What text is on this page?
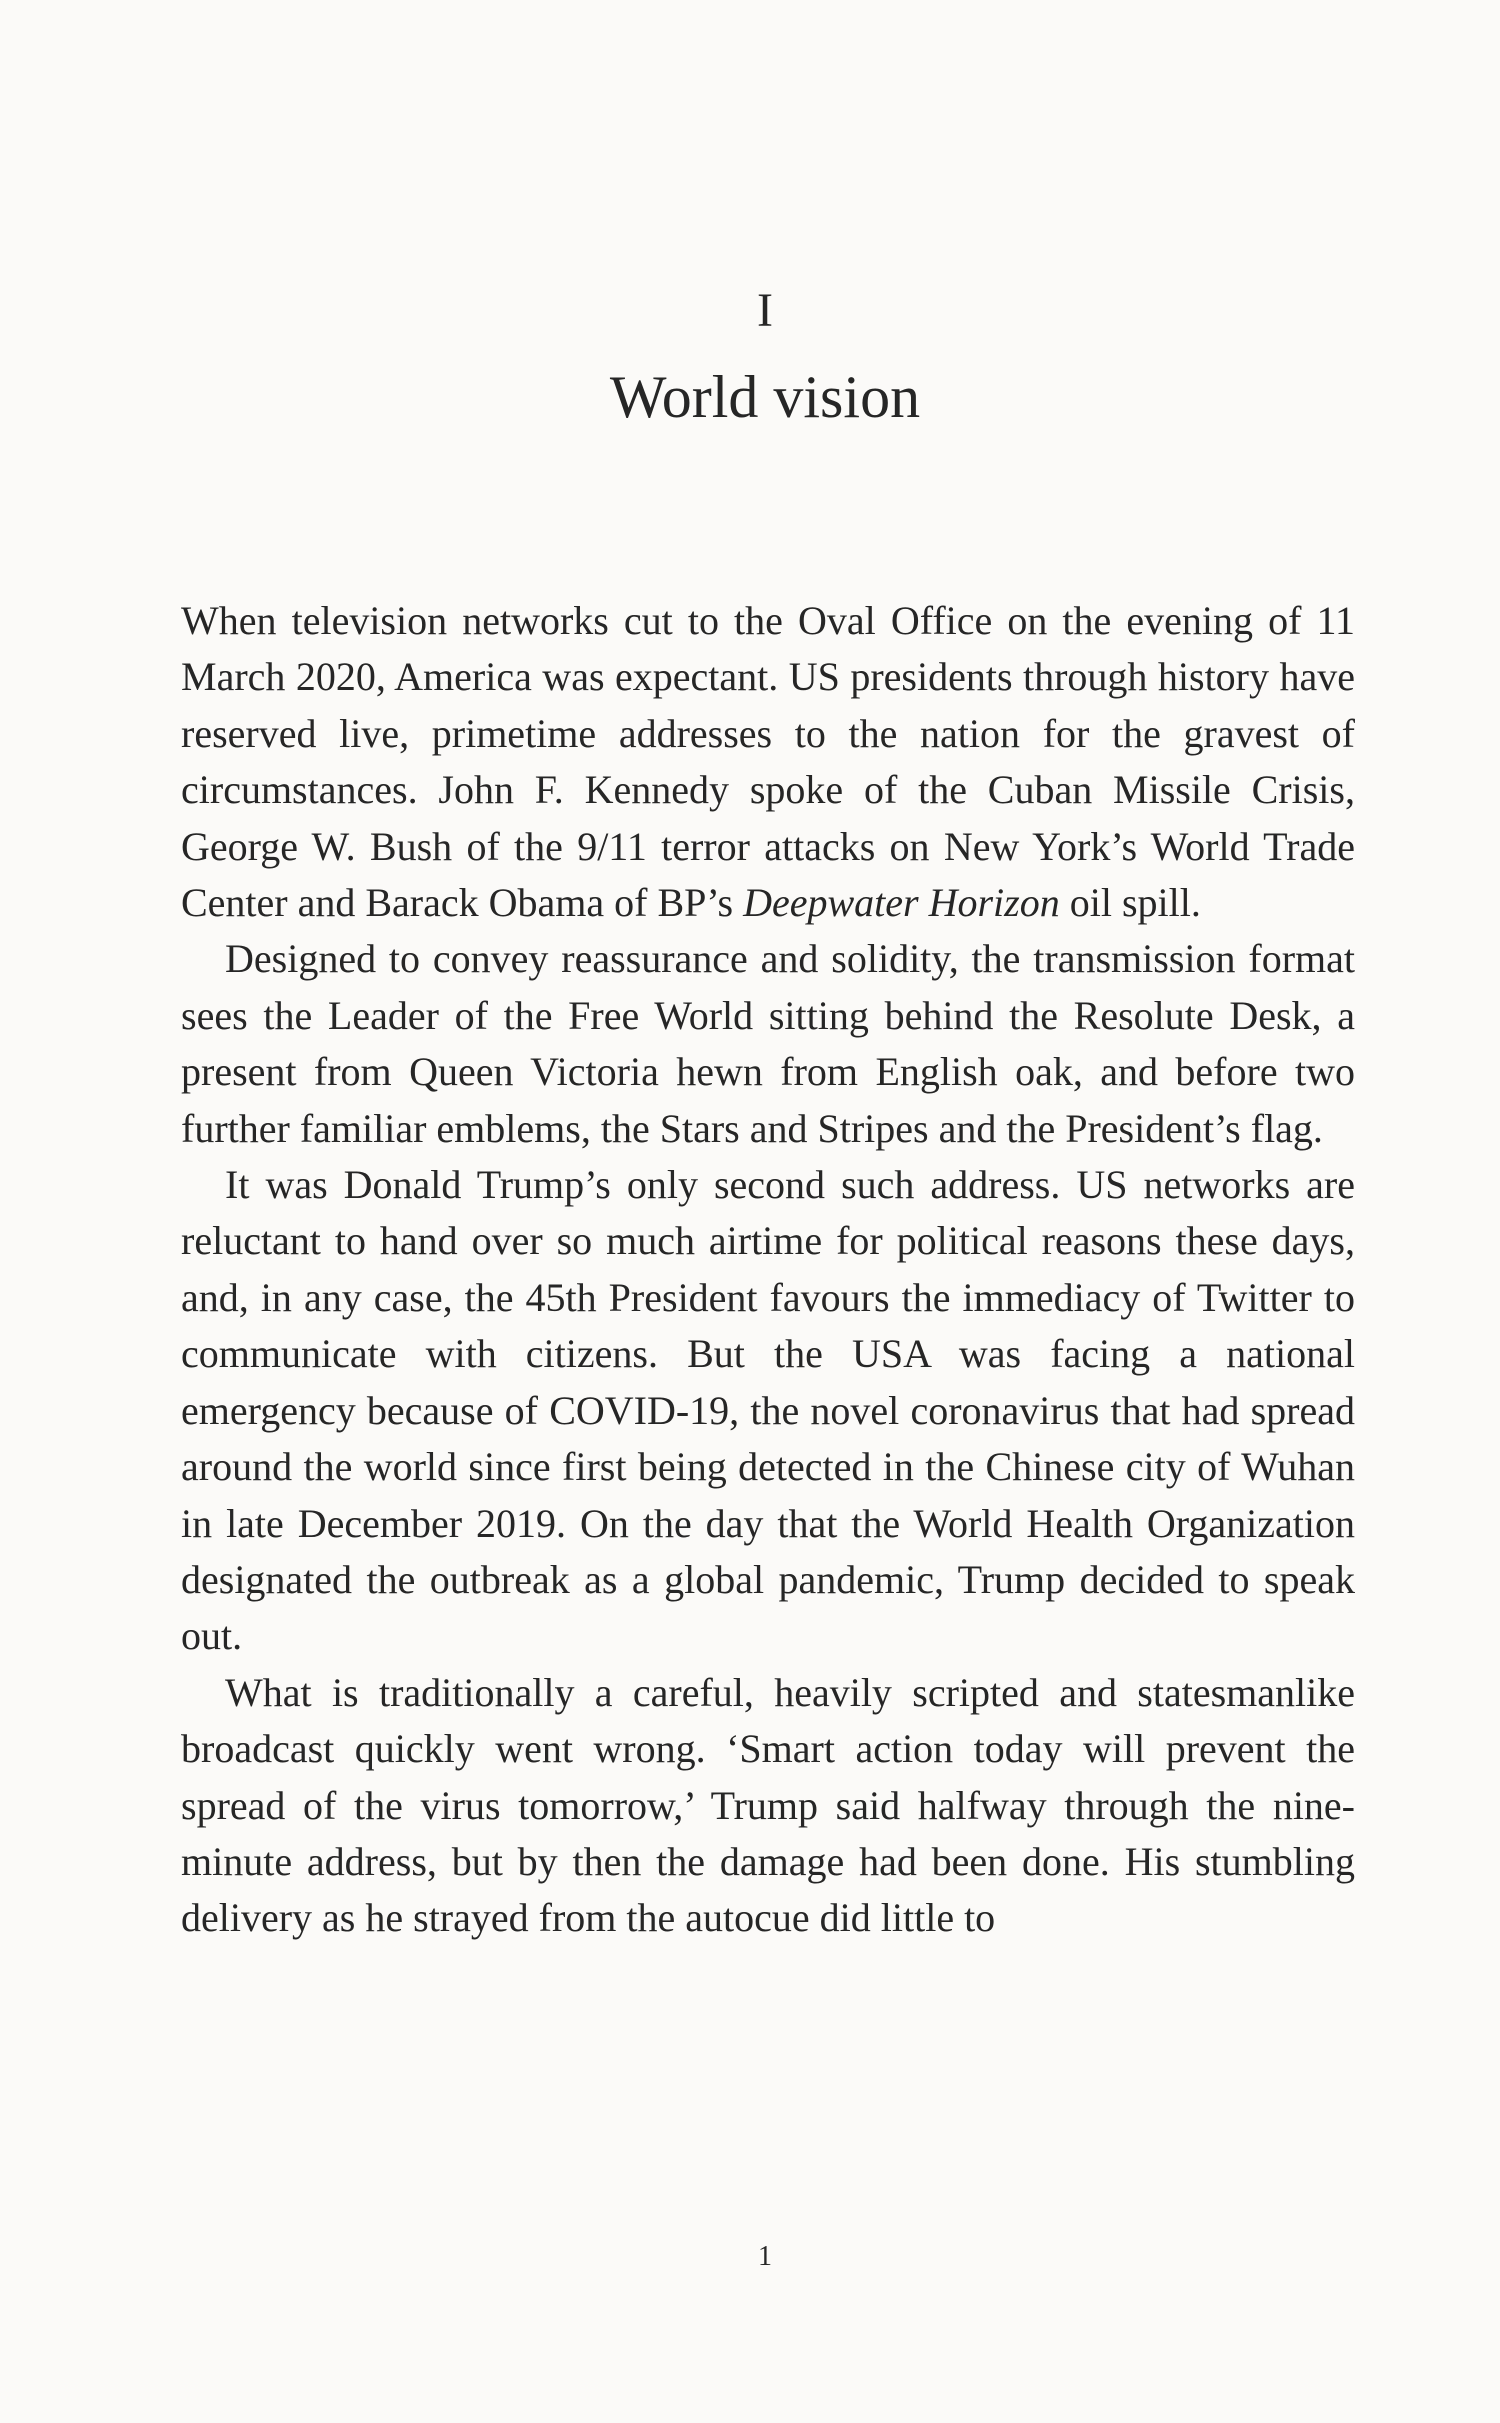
I
World vision

When television networks cut to the Oval Office on the evening of 11 March 2020, America was expectant. US presidents through history have reserved live, primetime addresses to the nation for the gravest of circumstances. John F. Kennedy spoke of the Cuban Missile Crisis, George W. Bush of the 9/11 terror attacks on New York’s World Trade Center and Barack Obama of BP’s Deepwater Horizon oil spill.

Designed to convey reassurance and solidity, the transmission format sees the Leader of the Free World sitting behind the Resolute Desk, a present from Queen Victoria hewn from English oak, and before two further familiar emblems, the Stars and Stripes and the President’s flag.

It was Donald Trump’s only second such address. US networks are reluctant to hand over so much airtime for political reasons these days, and, in any case, the 45th President favours the immediacy of Twitter to communicate with citizens. But the USA was facing a national emergency because of COVID-19, the novel coronavirus that had spread around the world since first being detected in the Chinese city of Wuhan in late December 2019. On the day that the World Health Organization designated the outbreak as a global pandemic, Trump decided to speak out.

What is traditionally a careful, heavily scripted and statesmanlike broadcast quickly went wrong. ‘Smart action today will prevent the spread of the virus tomorrow,’ Trump said halfway through the nine-minute address, but by then the damage had been done. His stumbling delivery as he strayed from the autocue did little to

1
